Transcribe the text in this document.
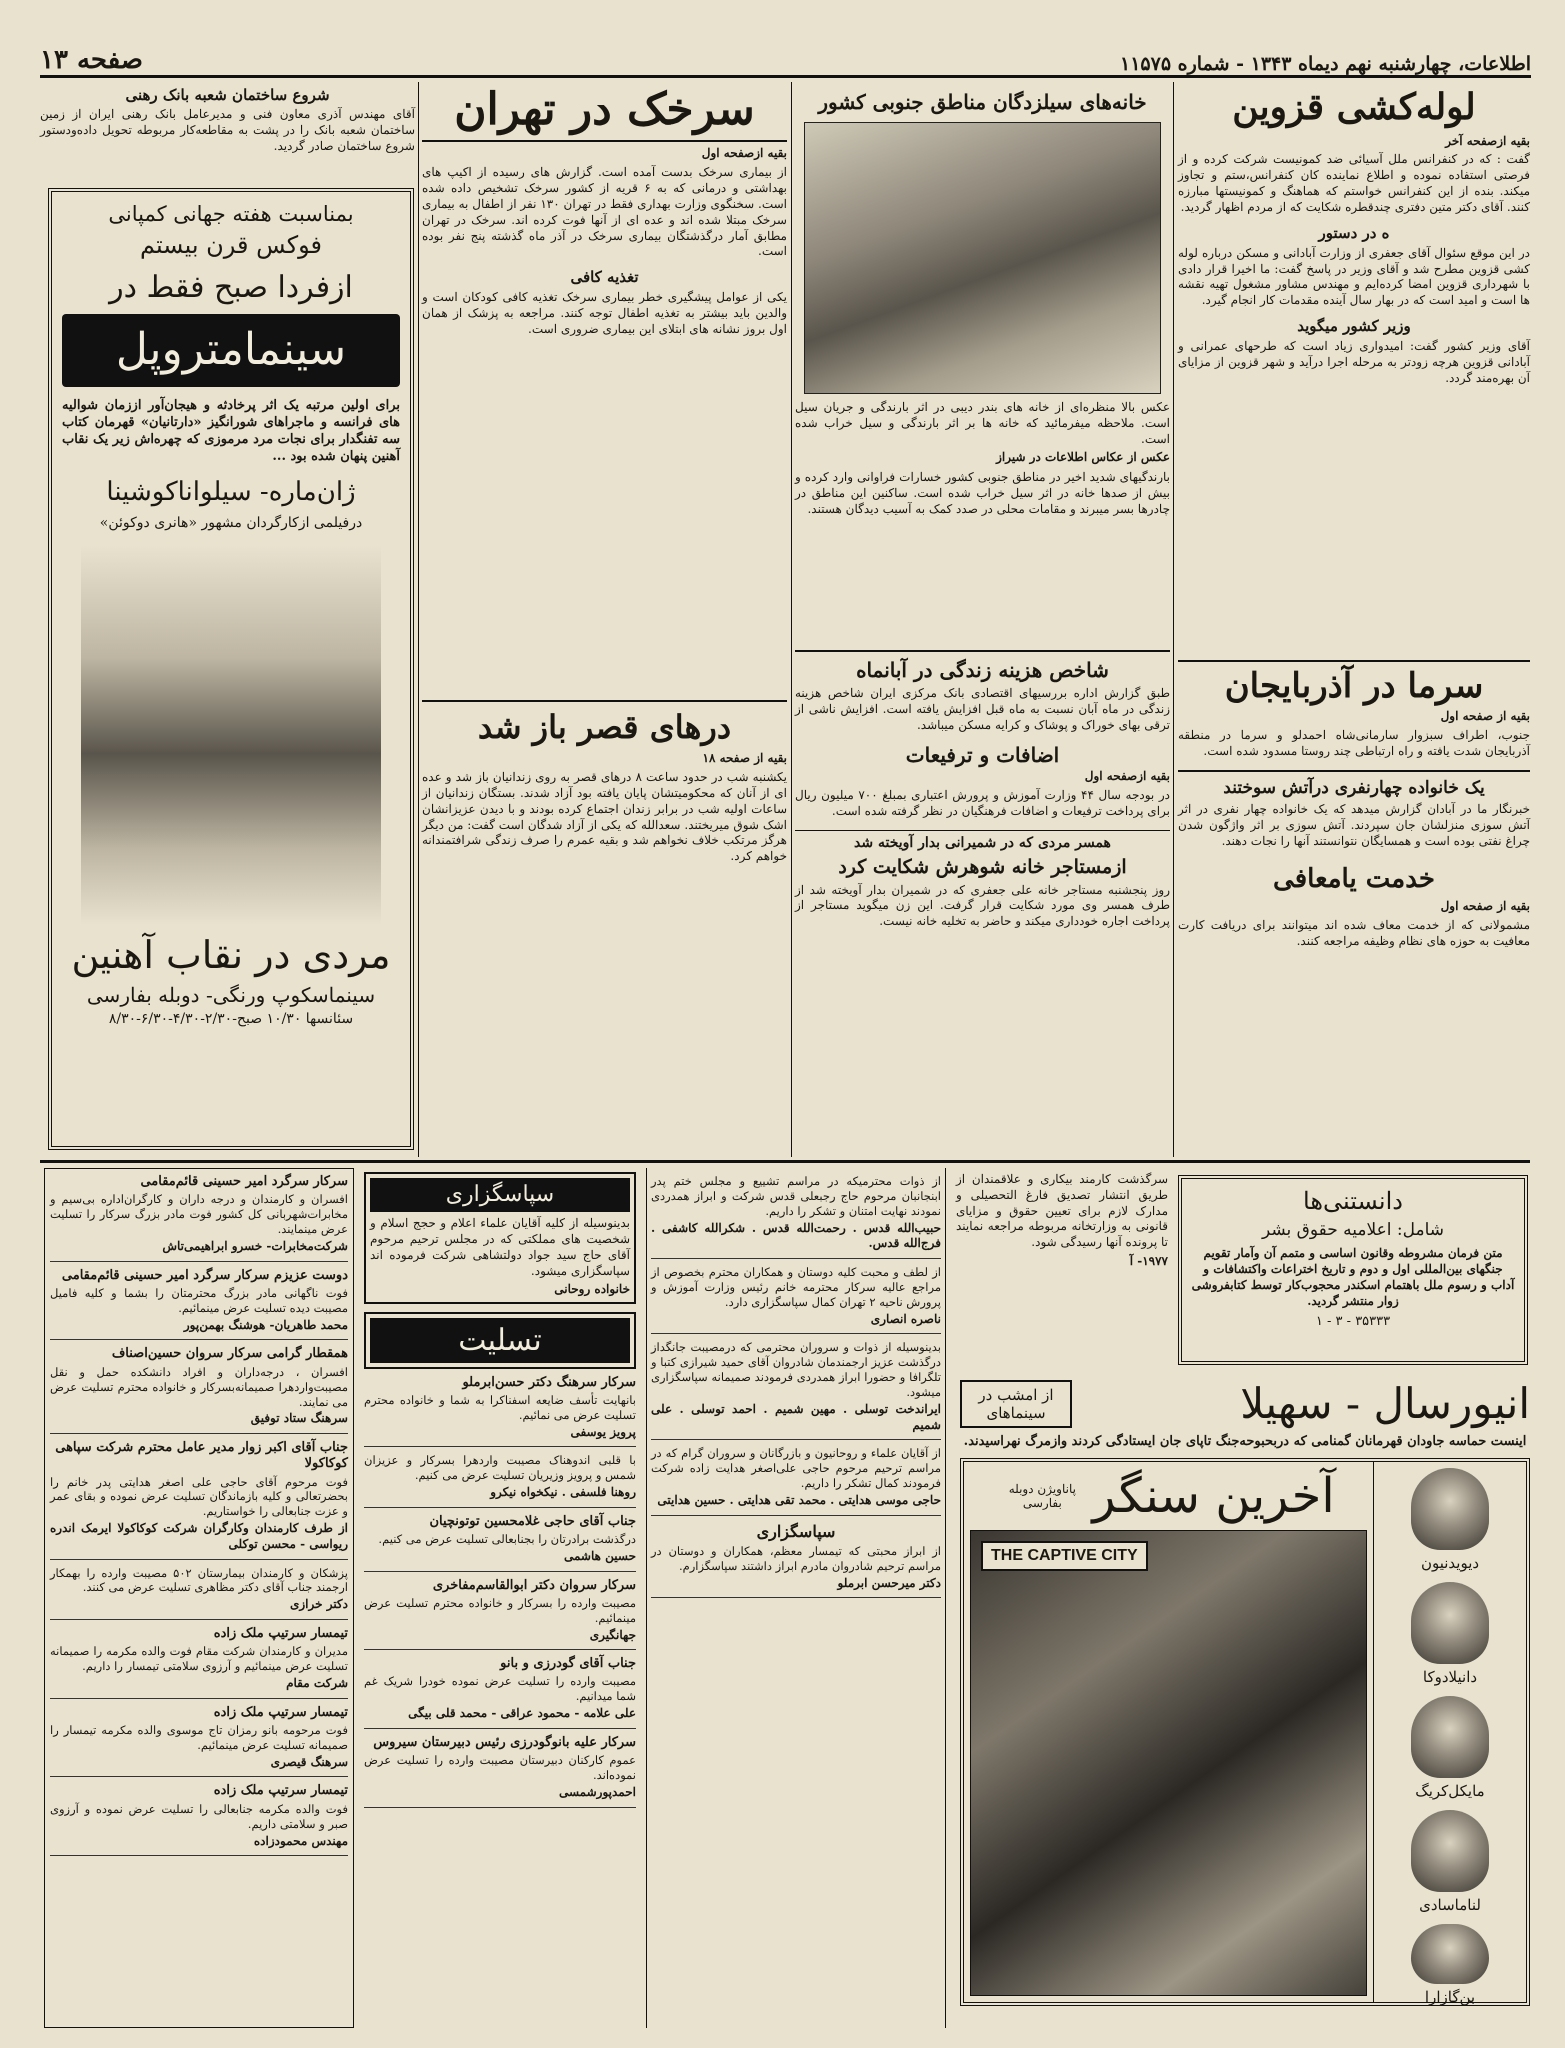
اطلاعات، چهارشنبه نهم دیماه ۱۳۴۳ - شماره ۱۱۵۷۵
صفحه ۱۳
لوله‌کشی قزوین

بقیه ازصفحه آخر

گفت : که در کنفرانس ملل آسیائی ضد کمونیست شرکت کرده و از فرصتی استفاده نموده و اطلاع نماینده کان کنفرانس،ستم و تجاوز میکند. بنده از این کنفرانس خواستم که هماهنگ و کمونیستها مبارزه کنند. آقای دکتر متین دفتری چندقطره شکایت که از مردم اظهار گردید.

ه در دستور

در این موقع سئوال آقای جعفری از وزارت آبادانی و مسکن درباره لوله کشی قزوین مطرح شد و آقای وزیر در پاسخ گفت: ما اخیرا قرار دادی با شهرداری قزوین امضا کرده‌ایم و مهندس مشاور مشغول تهیه نقشه ها است و امید است که در بهار سال آینده مقدمات کار انجام گیرد.

وزیر کشور میگوید

آقای وزیر کشور گفت: امیدواری زیاد است که طرحهای عمرانی و آبادانی قزوین هرچه زودتر به مرحله اجرا درآید و شهر قزوین از مزایای آن بهره‌مند گردد.

سرما در آذربایجان

بقیه از صفحه اول

جنوب، اطراف سبزوار سارمانی‌شاه احمدلو و سرما در منطقه آذربایجان شدت یافته و راه ارتباطی چند روستا مسدود شده است.

یک خانواده چهارنفری درآتش سوختند

خبرنگار ما در آبادان گزارش میدهد که یک خانواده چهار نفری در اثر آتش سوزی منزلشان جان سپردند. آتش سوزی بر اثر واژگون شدن چراغ نفتی بوده است و همسایگان نتوانستند آنها را نجات دهند.

خدمت یامعافی

بقیه از صفحه اول

مشمولانی که از خدمت معاف شده اند میتوانند برای دریافت کارت معافیت به حوزه های نظام وظیفه مراجعه کنند.

خانه‌های سیلزدگان مناطق جنوبی کشور

عکس بالا منظره‌ای از خانه های بندر دیبی در اثر بارندگی و جریان سیل است. ملاحظه میفرمائید که خانه ها بر اثر بارندگی و سیل خراب شده است.

عکس از عکاس اطلاعات در شیراز

بارندگیهای شدید اخیر در مناطق جنوبی کشور خسارات فراوانی وارد کرده و بیش از صدها خانه در اثر سیل خراب شده است. ساکنین این مناطق در چادرها بسر میبرند و مقامات محلی در صدد کمک به آسیب دیدگان هستند.

شاخص هزینه زندگی در آبانماه

طبق گزارش اداره بررسیهای اقتصادی بانک مرکزی ایران شاخص هزینه زندگی در ماه آبان نسبت به ماه قبل افزایش یافته است. افزایش ناشی از ترقی بهای خوراک و پوشاک و کرایه مسکن میباشد.

اضافات و ترفیعات

بقیه ازصفحه اول

در بودجه سال ۴۴ وزارت آموزش و پرورش اعتباری بمبلغ ۷۰۰ میلیون ریال برای پرداخت ترفیعات و اضافات فرهنگیان در نظر گرفته شده است.

همسر مردی که در شمیرانی بدار آویخته شد
ازمستاجر خانه شوهرش شکایت کرد

روز پنجشنبه مستاجر خانه علی جعفری که در شمیران بدار آویخته شد از طرف همسر وی مورد شکایت قرار گرفت. این زن میگوید مستاجر از پرداخت اجاره خودداری میکند و حاضر به تخلیه خانه نیست.

سرخک در تهران

بقیه ازصفحه اول

از بیماری سرخک بدست آمده است. گزارش های رسیده از اکیپ های بهداشتی و درمانی که به ۶ قریه از کشور سرخک تشخیص داده شده است. سخنگوی وزارت بهداری فقط در تهران ۱۳۰ نفر از اطفال به بیماری سرخک مبتلا شده اند و عده ای از آنها فوت کرده اند. سرخک در تهران مطابق آمار درگذشتگان بیماری سرخک در آذر ماه گذشته پنج نفر بوده است.

تغذیه کافی

یکی از عوامل پیشگیری خطر بیماری سرخک تغذیه کافی کودکان است و والدین باید بیشتر به تغذیه اطفال توجه کنند. مراجعه به پزشک از همان اول بروز نشانه های ابتلای این بیماری ضروری است.

درهای قصر باز شد

بقیه از صفحه ۱۸

یکشنبه شب در حدود ساعت ۸ درهای قصر به روی زندانیان باز شد و عده ای از آنان که محکومیتشان پایان یافته بود آزاد شدند. بستگان زندانیان از ساعات اولیه شب در برابر زندان اجتماع کرده بودند و با دیدن عزیزانشان اشک شوق میریختند. سعدالله که یکی از آزاد شدگان است گفت: من دیگر هرگز مرتکب خلاف نخواهم شد و بقیه عمرم را صرف زندگی شرافتمندانه خواهم کرد.

شروع ساختمان شعبه بانک رهنی

آقای مهندس آذری معاون فنی و مدیرعامل بانک رهنی ایران از زمین ساختمان شعبه بانک را در پشت به مقاطعه‌کار مربوطه تحویل داده‌ودستور شروع ساختمان صادر گردید.

بمناسبت هفته جهانی کمپانی
فوکس قرن بیستم
ازفردا صبح فقط در
سینمامتروپل

برای اولین مرتبه یک اثر پرخادثه و هیجان‌آور اززمان شوالیه های فرانسه و ماجراهای شورانگیز «دارتانیان» قهرمان کتاب سه تفنگدار برای نجات مرد مرموزی که چهره‌اش زیر یک نقاب آهنین پنهان شده بود ...

ژان‌ماره- سیلواناکوشینا
درفیلمی ازکارگردان مشهور «هانری دوکوئن»
مردی در نقاب آهنین
سینماسکوپ ورنگی- دوبله بفارسی
سئانسها ۱۰/۳۰ صبح-۲/۳۰-۴/۳۰-۶/۳۰-۸/۳۰
سرکار سرگرد امیر حسینی قائم‌مقامی

افسران و کارمندان و درجه داران و کارگران‌اداره بی‌سیم و مخابرات‌شهربانی کل کشور فوت مادر بزرگ سرکار را تسلیت عرض مینمایند.

شرکت‌مخابرات- خسرو ابراهیمی‌تاش

دوست عزیزم سرکار سرگرد امیر حسینی قائم‌مقامی

فوت ناگهانی مادر بزرگ محترمتان را بشما و کلیه فامیل مصیبت دیده تسلیت عرض مینمائیم.

محمد طاهریان- هوشنگ بهمن‌پور

همقطار گرامی سرکار سروان حسین‌اصناف

افسران ، درجه‌داران و افراد دانشکده حمل و نقل مصیبت‌واردهرا صمیمانه‌بسرکار و خانواده محترم تسلیت عرض می نمایند.

سرهنگ ستاد توفیق

جناب آقای اکبر زوار مدیر عامل محترم شرکت سپاهی کوکاکولا

فوت مرحوم آقای حاجی علی اصغر هدایتی پدر خانم را بحضرتعالی و کلیه بازماندگان تسلیت عرض نموده و بقای عمر و عزت جنابعالی را خواستاریم.

از طرف کارمندان وکارگران شرکت کوکاکولا ایرمک اندره ریواسی - محسن توکلی

پزشکان و کارمندان بیمارستان ۵۰۲ مصیبت وارده را بهمکار ارجمند جناب آقای دکتر مظاهری تسلیت عرض می کنند.

دکتر خرازی

تیمسار سرتیپ ملک زاده

مدیران و کارمندان شرکت مقام فوت والده مکرمه را صمیمانه تسلیت عرض مینمائیم و آرزوی سلامتی تیمسار را داریم.

شرکت مقام

تیمسار سرتیپ ملک زاده

فوت مرحومه بانو رمزان تاج موسوی والده مکرمه تیمسار را صمیمانه تسلیت عرض مینمائیم.

سرهنگ قیصری

تیمسار سرتیپ ملک زاده

فوت والده مکرمه جنابعالی را تسلیت عرض نموده و آرزوی صبر و سلامتی داریم.

مهندس محمودزاده

سپاسگزاری

بدینوسیله از کلیه آقایان علماء اعلام و حجج اسلام و شخصیت های مملکتی که در مجلس ترحیم مرحوم آقای حاج سید جواد دولتشاهی شرکت فرموده اند سپاسگزاری میشود.

خانواده روحانی

تسلیت
سرکار سرهنگ دکتر حسن‌ابرملو

بانهایت تأسف ضایعه اسفناکرا به شما و خانواده محترم تسلیت عرض می نمائیم.

پرویز یوسفی

با قلبی اندوهناک مصیبت واردهرا بسرکار و عزیزان شمس و پرویز وزیریان تسلیت عرض می کنیم.

روهنا فلسفی . نیکخواه نیکرو

جناب آقای حاجی غلامحسین توتونچیان

درگذشت برادرتان را بجنابعالی تسلیت عرض می کنیم.

حسین هاشمی

سرکار سروان دکتر ابوالقاسم‌مفاخری

مصیبت وارده را بسرکار و خانواده محترم تسلیت عرض مینمائیم.

جهانگیری

جناب آقای گودرزی و بانو

مصیبت وارده را تسلیت عرض نموده خودرا شریک غم شما میدانیم.

علی علامه - محمود عراقی - محمد قلی بیگی

سرکار علیه بانوگودرزی رئیس دبیرستان سیروس

عموم کارکنان دبیرستان مصیبت وارده را تسلیت عرض نموده‌اند.

احمدپورشمسی

از ذوات محترمیکه در مراسم تشییع و مجلس ختم پدر ابنجانبان مرحوم حاج رجبعلی قدس شرکت و ابراز همدردی نمودند نهایت امتنان و تشکر را داریم.

حبیب‌الله قدس . رحمت‌الله قدس . شکرالله کاشفی . فرج‌الله قدس.

از لطف و محبت کلیه دوستان و همکاران محترم بخصوص از مراجع عالیه سرکار محترمه خانم رئیس وزارت آموزش و پرورش ناحیه ۲ تهران کمال سپاسگزاری دارد.

ناصره انصاری

بدینوسیله از ذوات و سروران محترمی که درمصیبت جانگداز درگذشت عزیز ارجمندمان شادروان آقای حمید شیرازی کتبا و تلگرافا و حضورا ابراز همدردی فرمودند صمیمانه سپاسگزاری میشود.

ایراندخت توسلی . مهین شمیم . احمد توسلی . علی شمیم

از آقایان علماء و روحانیون و بازرگانان و سروران گرام که در مراسم ترحیم مرحوم حاجی علی‌اصغر هدایت زاده شرکت فرمودند کمال تشکر را داریم.

حاجی موسی هدایتی . محمد تقی هدایتی . حسین هدایتی

سپاسگزاری

از ابراز محبتی که تیمسار معظم، همکاران و دوستان در مراسم ترحیم شادروان مادرم ابراز داشتند سپاسگزارم.

دکتر میرحسن ابرملو

سرگذشت کارمند بیکاری و علاقمندان از طریق انتشار تصدیق فارغ التحصیلی و مدارک لازم برای تعیین حقوق و مزایای قانونی به وزارتخانه مربوطه مراجعه نمایند تا پرونده آنها رسیدگی شود.

۱۹۷۷- آ

دانستنی‌ها
شامل: اعلامیه حقوق بشر

متن فرمان مشروطه وقانون اساسی و متمم آن وآمار تقویم جنگهای بین‌المللی اول و دوم و تاریخ اختراعات واکتشافات و آداب و رسوم ملل باهتمام اسکندر محجوب‌کار توسط کتابفروشی زوار منتشر گردید.

۳۵۳۳۳ - ۳ - ۱
انیورسال - سهیلا
از امشب در سینماهای
اینست حماسه جاودان قهرمانان گمنامی که دربحبوحه‌جنگ تاپای جان ایستادگی کردند وازمرگ نهراسیدند.
دیوید‌نیون
دانیلادوکا
مایکل‌کریگ
لناماسادی
بن‌گازارا
آخرین سنگر
پاناویژن دوبله بفارسی
THE CAPTIVE CITY
